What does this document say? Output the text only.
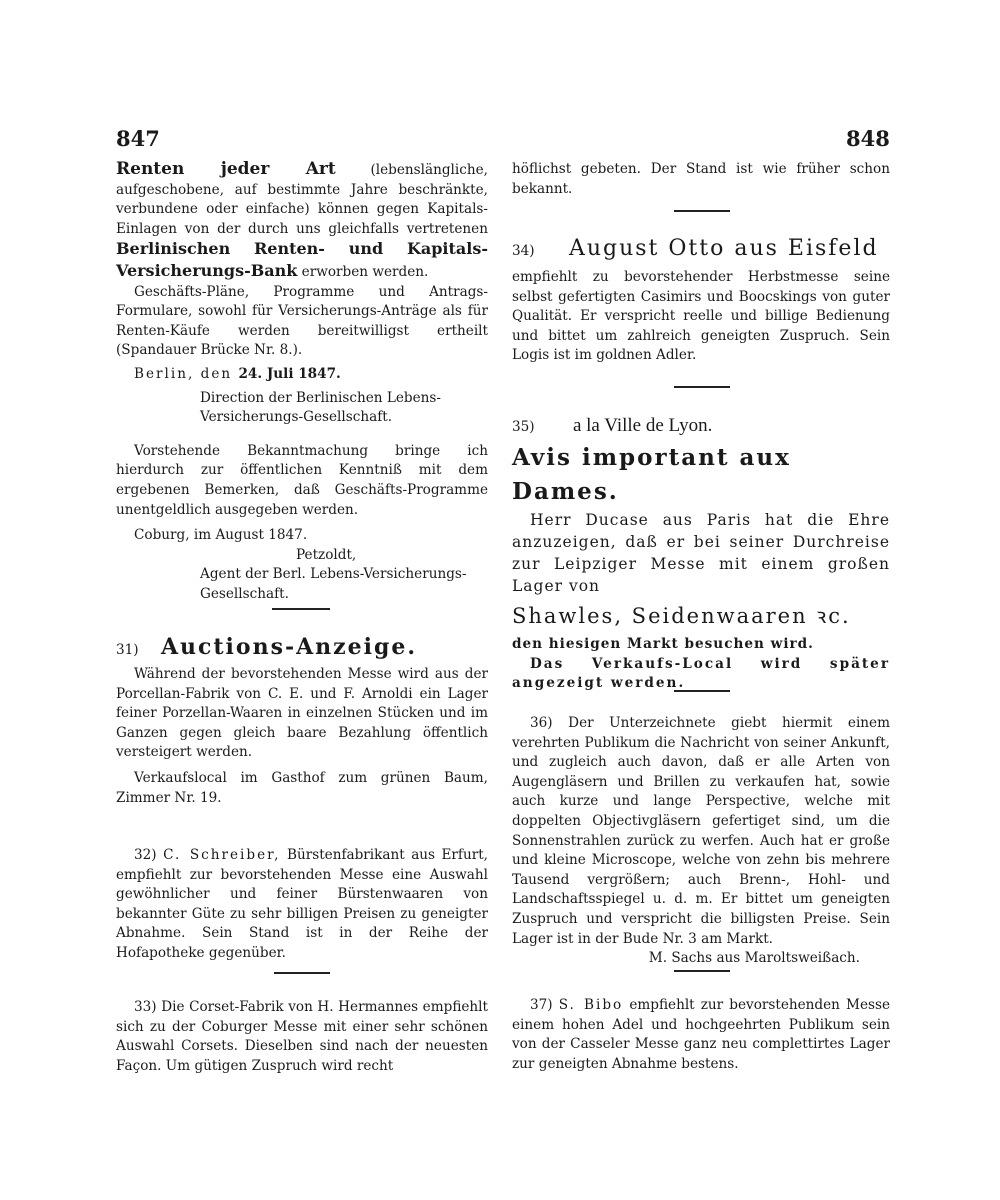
847	848

Renten jeder Art (lebenslängliche, aufgeschobene, auf bestimmte Jahre beschränkte, verbundene oder einfache) können gegen Kapitals-Einlagen von der durch uns gleichfalls vertretenen Berlinischen Renten- und Kapitals-Versicherungs-Bank erworben werden.

Geschäfts-Pläne, Programme und Antrags-Formulare, sowohl für Versicherungs-Anträge als für Renten-Käufe werden bereitwilligst ertheilt (Spandauer Brücke Nr. 8.).

Berlin, den 24. Juli 1847.

Direction der Berlinischen Lebens-Versicherungs-Gesellschaft.

Vorstehende Bekanntmachung bringe ich hierdurch zur öffentlichen Kenntniß mit dem ergebenen Bemerken, daß Geschäfts-Programme unentgeldlich ausgegeben werden.

Coburg, im August 1847.

Petzoldt,

Agent der Berl. Lebens-Versicherungs-Gesellschaft.

31) Auctions-Anzeige.

Während der bevorstehenden Messe wird aus der Porcellan-Fabrik von C. E. und F. Arnoldi ein Lager feiner Porzellan-Waaren in einzelnen Stücken und im Ganzen gegen gleich baare Bezahlung öffentlich versteigert werden.

Verkaufslocal im Gasthof zum grünen Baum, Zimmer Nr. 19.

32) C. Schreiber, Bürstenfabrikant aus Erfurt, empfiehlt zur bevorstehenden Messe eine Auswahl gewöhnlicher und feiner Bürstenwaaren von bekannter Güte zu sehr billigen Preisen zu geneigter Abnahme. Sein Stand ist in der Reihe der Hofapotheke gegenüber.

33) Die Corset-Fabrik von H. Hermannes empfiehlt sich zu der Coburger Messe mit einer sehr schönen Auswahl Corsets. Dieselben sind nach der neuesten Façon. Um gütigen Zuspruch wird recht

höflichst gebeten. Der Stand ist wie früher schon bekannt.

34) August Otto aus Eisfeld

empfiehlt zu bevorstehender Herbstmesse seine selbst gefertigten Casimirs und Boocskings von guter Qualität. Er verspricht reelle und billige Bedienung und bittet um zahlreich geneigten Zuspruch. Sein Logis ist im goldnen Adler.

35) a la Ville de Lyon.

Avis important aux Dames.

Herr Ducase aus Paris hat die Ehre anzuzeigen, daß er bei seiner Durchreise zur Leipziger Messe mit einem großen Lager von

Shawles, Seidenwaaren ꝛc.

den hiesigen Markt besuchen wird.

Das Verkaufs-Local wird später angezeigt werden.

36) Der Unterzeichnete giebt hiermit einem verehrten Publikum die Nachricht von seiner Ankunft, und zugleich auch davon, daß er alle Arten von Augengläsern und Brillen zu verkaufen hat, sowie auch kurze und lange Perspective, welche mit doppelten Objectivgläsern gefertiget sind, um die Sonnenstrahlen zurück zu werfen. Auch hat er große und kleine Microscope, welche von zehn bis mehrere Tausend vergrößern; auch Brenn-, Hohl- und Landschaftsspiegel u. d. m. Er bittet um geneigten Zuspruch und verspricht die billigsten Preise. Sein Lager ist in der Bude Nr. 3 am Markt.

M. Sachs aus Maroltsweißach.

37) S. Bibo empfiehlt zur bevorstehenden Messe einem hohen Adel und hochgeehrten Publikum sein von der Casseler Messe ganz neu complettirtes Lager zur geneigten Abnahme bestens.
